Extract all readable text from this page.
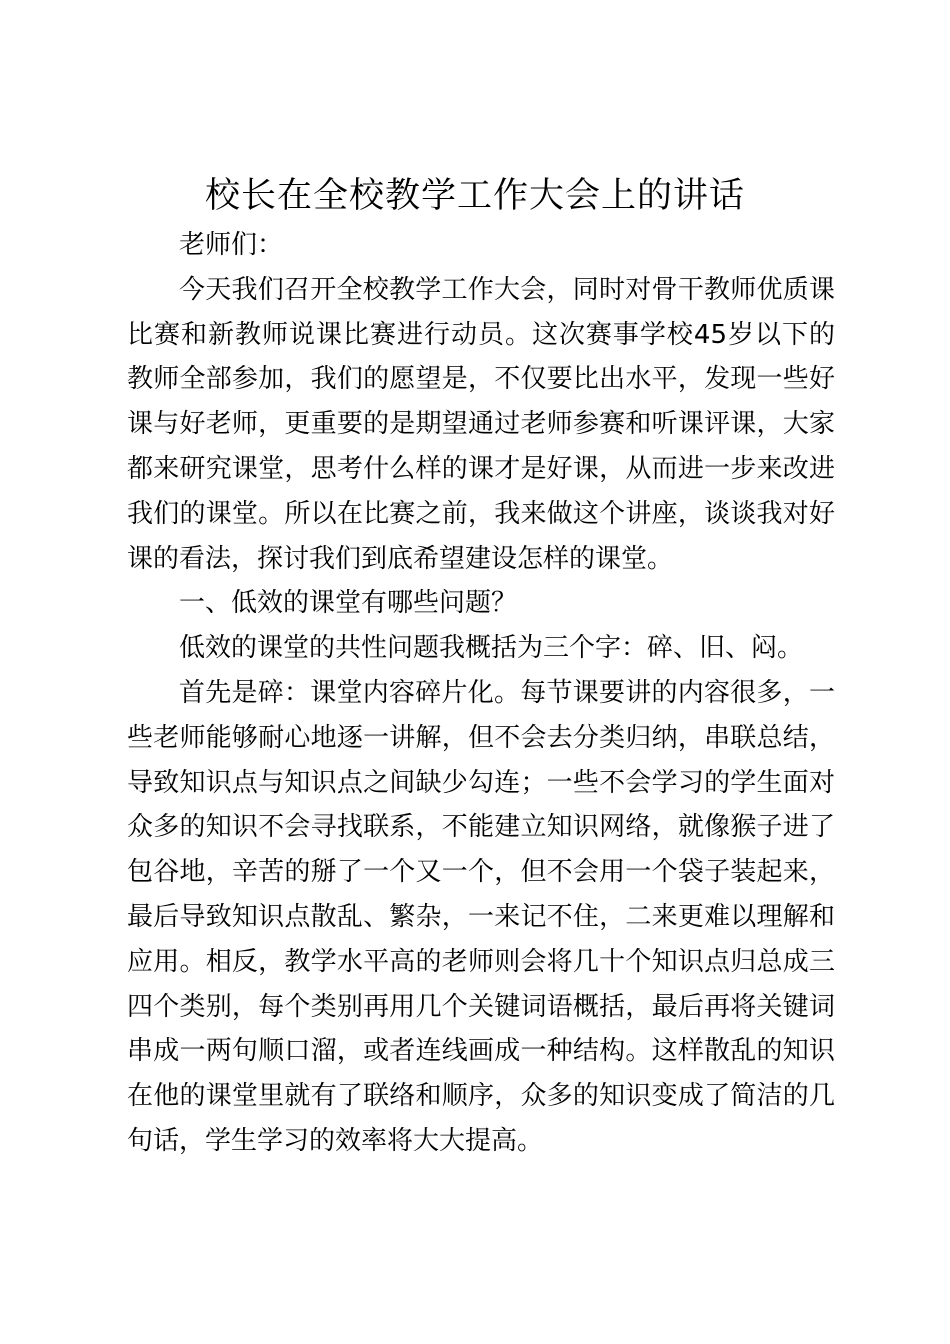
校长在全校教学工作大会上的讲话

老师们：

今天我们召开全校教学工作大会，同时对骨干教师优质课比赛和新教师说课比赛进行动员。这次赛事学校45岁以下的教师全部参加，我们的愿望是，不仅要比出水平，发现一些好课与好老师，更重要的是期望通过老师参赛和听课评课，大家都来研究课堂，思考什么样的课才是好课，从而进一步来改进我们的课堂。所以在比赛之前，我来做这个讲座，谈谈我对好课的看法，探讨我们到底希望建设怎样的课堂。

一、低效的课堂有哪些问题？

低效的课堂的共性问题我概括为三个字：碎、旧、闷。

首先是碎：课堂内容碎片化。每节课要讲的内容很多，一些老师能够耐心地逐一讲解，但不会去分类归纳，串联总结，导致知识点与知识点之间缺少勾连；一些不会学习的学生面对众多的知识不会寻找联系，不能建立知识网络，就像猴子进了包谷地，辛苦的掰了一个又一个，但不会用一个袋子装起来，最后导致知识点散乱、繁杂，一来记不住，二来更难以理解和应用。相反，教学水平高的老师则会将几十个知识点归总成三四个类别，每个类别再用几个关键词语概括，最后再将关键词串成一两句顺口溜，或者连线画成一种结构。这样散乱的知识在他的课堂里就有了联络和顺序，众多的知识变成了简洁的几句话，学生学习的效率将大大提高。
